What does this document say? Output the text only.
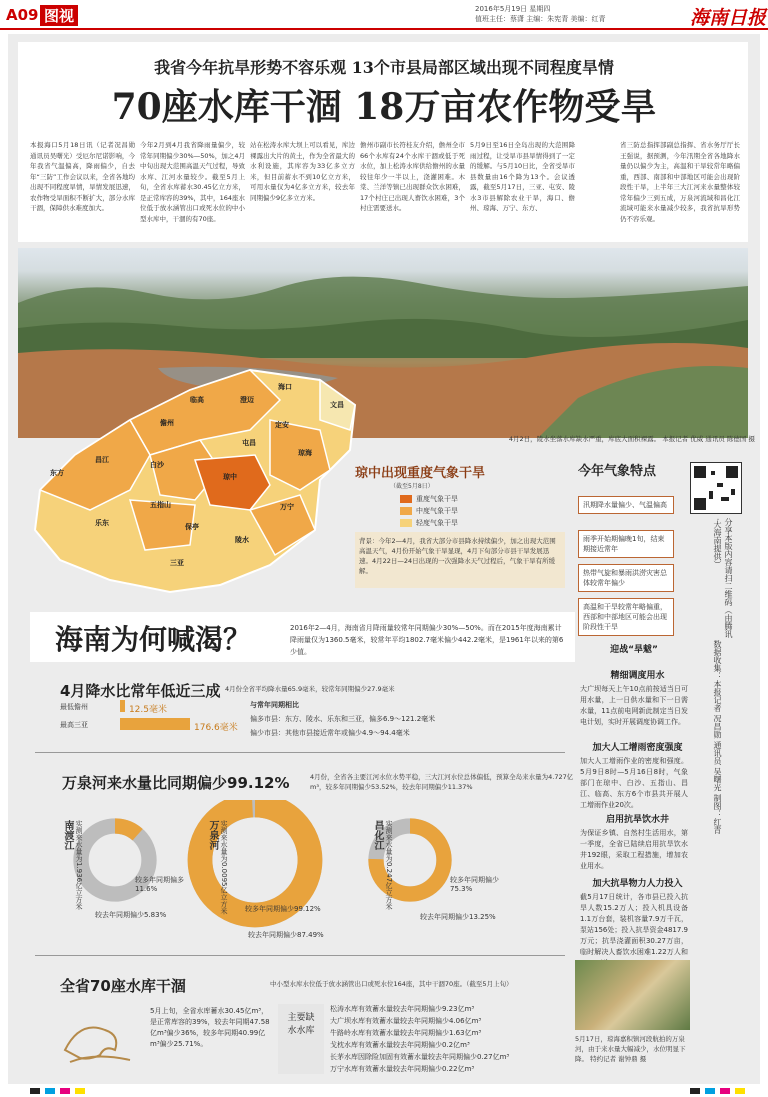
A09 图视	2016年5月19日 星期四
值班主任：蔡潇 主编：朱宪青 美编：红青	海南日报
我省今年抗旱形势不容乐观 13个市县局部区域出现不同程度旱情
70座水库干涸 18万亩农作物受旱
本报海口5月18日讯（记者况昌勋 通讯员吴曙光）受厄尔尼诺影响，今年我省气温偏高，降雨偏少，自去年“三防”工作会议以来，全省各地均出现不同程度旱情，旱情发展迅速，农作物受旱面积不断扩大，部分水库干涸，保障供水难度加大。
今年2月到4月我省降雨量偏少，较常年同期偏少30%—50%，加之4月中旬出现大范围高温天气过程，导致水库、江河水量较少。截至5月上旬，全省水库蓄水30.45亿立方米，是正常库容的39%，其中，164座水位低于放水涵管出口或死水位的中小型水库中，干涸的有70座。
站在松涛水库大坝上可以看见，库边裸露出大片的黄土，作为全省最大的水利设施，其库容为33亿多立方米，但目前蓄水不到10亿立方米，可用水量仅为4亿多立方米，较去年同期偏少9亿多立方米。
儋州市副市长符桂友介绍，儋州全市66个水库有24个水库干涸或低于死水位，加上松涛水库供给儋州的水量较往年少一半以上，浇灌困难。木棠、兰洋等镇已出现群众饮水困难，17个村庄已出现人畜饮水困难，3个村庄需要送水。
5月9日至16日全岛出现的大范围降雨过程，让受旱市县旱情得到了一定的缓解。与5月10日比，全省受旱市县数量由16个降为13个。会议透露，截至5月17日，三亚、屯安、陵水3市县解除农业干旱，海口、儋州、琼海、万宁、东方、
省三防总指挥部副总指挥、省水务厅厅长王强说，据预测，今年汛期全省各地降水量仍以偏少为主，高温和干旱较常年略偏重，西部、南部和中部地区可能会出现阶段性干旱，上半年三大江河来水量整体较常年偏少三到五成，万泉河流域和昌化江流域可能来水量减少较多，我省抗旱形势仍不容乐观。
4月2日，陵水坐落水库缺水严重，库底大面积裸露。 本报记者 优威 通讯员 陈德国 摄
海口
文昌
临高	澄迈
定安
儋州
屯昌
琼海
昌江
白沙
琼中
东方
五指山	万宁
乐东	保亭
陵水
三亚
琼中出现重度气象干旱
（截至5月8日）
重度气象干旱
中度气象干旱
轻度气象干旱
背景：今年2—4月，我省大部分市县降水持续偏少，加之出现大范围高温天气，4月份开始气象干旱显现，4月下旬部分市县干旱发展迅速。4月22日—24日出现的一次强降水天气过程后，气象干旱有所缓解。
今年气象特点
汛期降水量偏少、气温偏高
雨季开始期偏晚1旬，结束期接近常年
热带气旋和暴雨洪涝灾害总体较常年偏少
高温和干旱较常年略偏重，西部和中部地区可能会出现阶段性干旱	分享本版内容请扫二维码（由腾讯·大海南提供）
数据收集：本报记者 况昌勋 通讯员 吴曙光 制图：红青
海南为何喊渴？	2016年2—4月，海南省月降雨量较常年同期偏少30%—50%。而在2015年度海南累计降雨量仅为1360.5毫米，较常年平均1802.7毫米偏少442.2毫米，是1961年以来的第6少值。
4月降水比常年低近三成 4月份全省平均降水量65.9毫米，较常年同期偏少27.9毫米
最低儋州	12.5毫米
最高三亚	176.6毫米
与常年同期相比
偏多市县：东方、陵水、乐东和三亚，偏多6.9～121.2毫米
偏少市县：其他市县接近常年或偏少4.9～94.4毫米
万泉河来水量比同期偏少99.12%	4月份，全省各主要江河水位水势平稳，三大江河水位总体偏低，预算全岛来水量为4.727亿m³，较多年同期偏少53.52%，较去年同期偏少11.37%
南渡江 实测来水量为1.936亿立方米	较多年同期偏多11.6%
较去年同期偏少5.83%
万泉河 实测来水量为0.0095亿立方米 较多年同期偏少99.12%
较去年同期偏少87.49%
昌化江 实测来水量为0.247亿立方米	较多年同期偏少75.3%
较去年同期偏少13.25%
全省70座水库干涸	中小型水库水位低于放水涵管出口或死水位164座，其中干涸70座。（截至5月上旬）
5月上旬，全省水库蓄水30.45亿m³，是正常库容的39%，较去年同期47.58亿m³偏少36%，较多年同期40.99亿m³偏少25.71%。
主要缺水水库
松涛水库有效蓄水量较去年同期偏少9.23亿m³
大广坝水库有效蓄水量较去年同期偏少4.06亿m³
牛路岭水库有效蓄水量较去年同期偏少1.63亿m³
戈枕水库有效蓄水量较去年同期偏少0.2亿m³
长茅水库因除险加固有效蓄水量较去年同期偏少0.27亿m³
万宁水库有效蓄水量较去年同期偏少0.22亿m³
迎战“旱魃”
精细调度用水
大广坝每天上午10点前按适当日可用水量，上一日供水量和下一日需水量，11点前电网新此制定当日发电计划，实时开展调度协调工作。
加大人工增雨密度强度
加大人工增雨作业的密度和强度。5月9日8时—5月16日8时，气象部门在琼中、白沙、五指山、昌江、临高、东方6个市县共开展人工增雨作业20次。
启用抗旱饮水井
为保证乡镇、自然村生活用水，第一季度，全省已陆续启用抗旱饮水井192眼，采取工程措施，增加农业用水。
加大抗旱物力人力投入
截5月17日统计，各市县已投入抗旱人数15.2万人；投入机具设备1.1万台套，装机容量7.9万千瓦，泵站156处；投入抗旱资金4817.9万元；抗旱浇灌面积30.27万亩，临时解决人畜饮水困难1.22万人和
5月17日，琼海嘉积镇河段航拍的万泉河，由于来水量大幅减少，水位明显下降。 特约记者 谢钟鼎 摄
